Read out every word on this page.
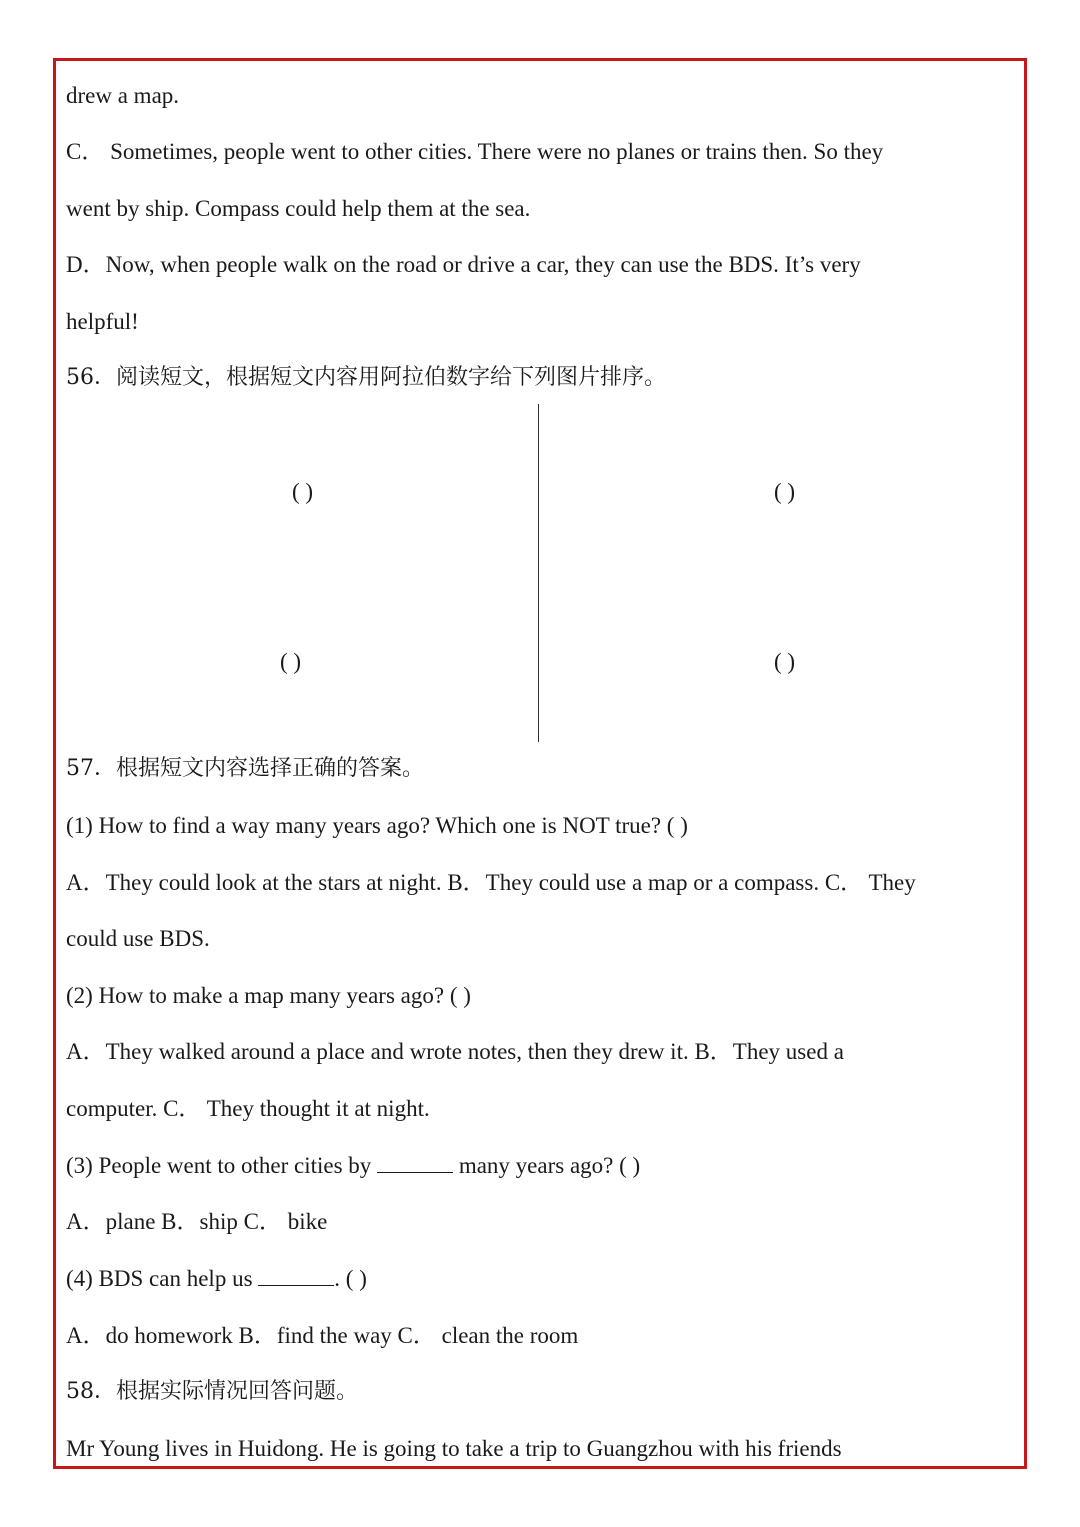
drew a map.
C． Sometimes, people went to other cities. There were no planes or trains then. So they
went by ship. Compass could help them at the sea.
D．Now, when people walk on the road or drive a car, they can use the BDS. It’s very
helpful!
56．阅读短文，根据短文内容用阿拉伯数字给下列图片排序。
( )	( )
( )	( )
57．根据短文内容选择正确的答案。
(1) How to find a way many years ago? Which one is NOT true? ( )
A．They could look at the stars at night. B．They could use a map or a compass. C． They
could use BDS.
(2) How to make a map many years ago? ( )
A．They walked around a place and wrote notes, then they drew it. B．They used a
computer. C． They thought it at night.
(3) People went to other cities by	many years ago? ( )
A．plane B．ship C． bike
(4) BDS can help us	. ( )
A．do homework B．find the way C． clean the room
58．根据实际情况回答问题。
Mr Young lives in Huidong. He is going to take a trip to Guangzhou with his friends
